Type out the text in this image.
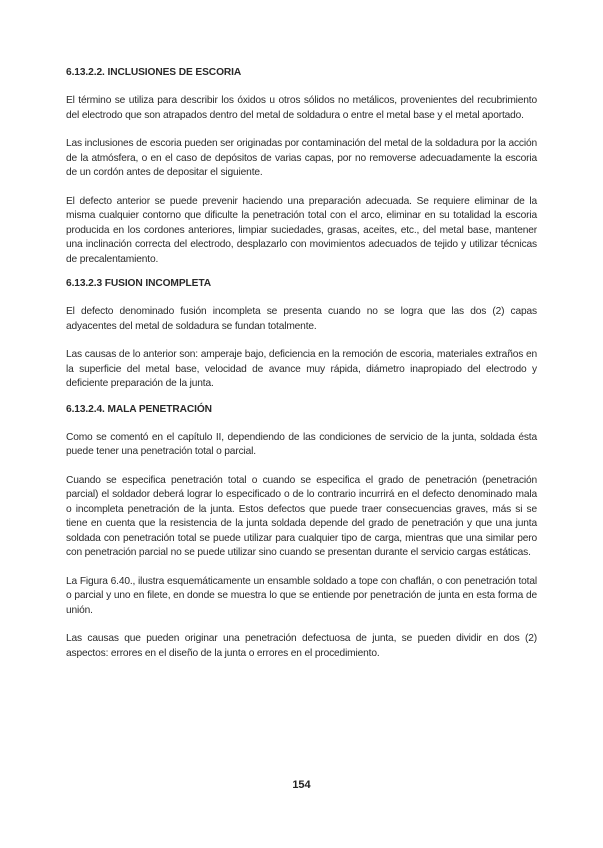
6.13.2.2. INCLUSIONES DE ESCORIA

El término se utiliza para describir los óxidos u otros sólidos no metálicos, provenientes del recubrimiento del electrodo que son atrapados dentro del metal de soldadura o entre el metal base y el metal aportado.

Las inclusiones de escoria pueden ser originadas por contaminación del metal de la soldadura por la acción de la atmósfera, o en el caso de depósitos de varias capas, por no removerse adecuadamente la escoria de un cordón antes de depositar el siguiente.

El defecto anterior se puede prevenir haciendo una preparación adecuada. Se requiere eliminar de la misma cualquier contorno que dificulte la penetración total con el arco, eliminar en su totalidad la escoria producida en los cordones anteriores, limpiar suciedades, grasas, aceites, etc., del metal base, mantener una inclinación correcta del electrodo, desplazarlo con movimientos adecuados de tejido y utilizar técnicas de precalentamiento.

6.13.2.3 FUSION INCOMPLETA

El defecto denominado fusión incompleta se presenta cuando no se logra que las dos (2) capas adyacentes del metal de soldadura se fundan totalmente.

Las causas de lo anterior son: amperaje bajo, deficiencia en la remoción de escoria, materiales extraños en la superficie del metal base, velocidad de avance muy rápida, diámetro inapropiado del electrodo y deficiente preparación de la junta.

6.13.2.4. MALA PENETRACIÓN

Como se comentó en el capítulo II, dependiendo de las condiciones de servicio de la junta, soldada ésta puede tener una penetración total o parcial.

Cuando se especifica penetración total o cuando se especifica el grado de penetración (penetración parcial) el soldador deberá lograr lo especificado o de lo contrario incurrirá en el defecto denominado mala o incompleta penetración de la junta. Estos defectos que puede traer consecuencias graves, más si se tiene en cuenta que la resistencia de la junta soldada depende del grado de penetración y que una junta soldada con penetración total se puede utilizar para cualquier tipo de carga, mientras que una similar pero con penetración parcial no se puede utilizar sino cuando se presentan durante el servicio cargas estáticas.

La Figura 6.40., ilustra esquemáticamente un ensamble soldado a tope con chaflán, o con penetración total o parcial y uno en filete, en donde se muestra lo que se entiende por penetración de junta en esta forma de unión.

Las causas que pueden originar una penetración defectuosa de junta, se pueden dividir en dos (2) aspectos: errores en el diseño de la junta o errores en el procedimiento.

154
